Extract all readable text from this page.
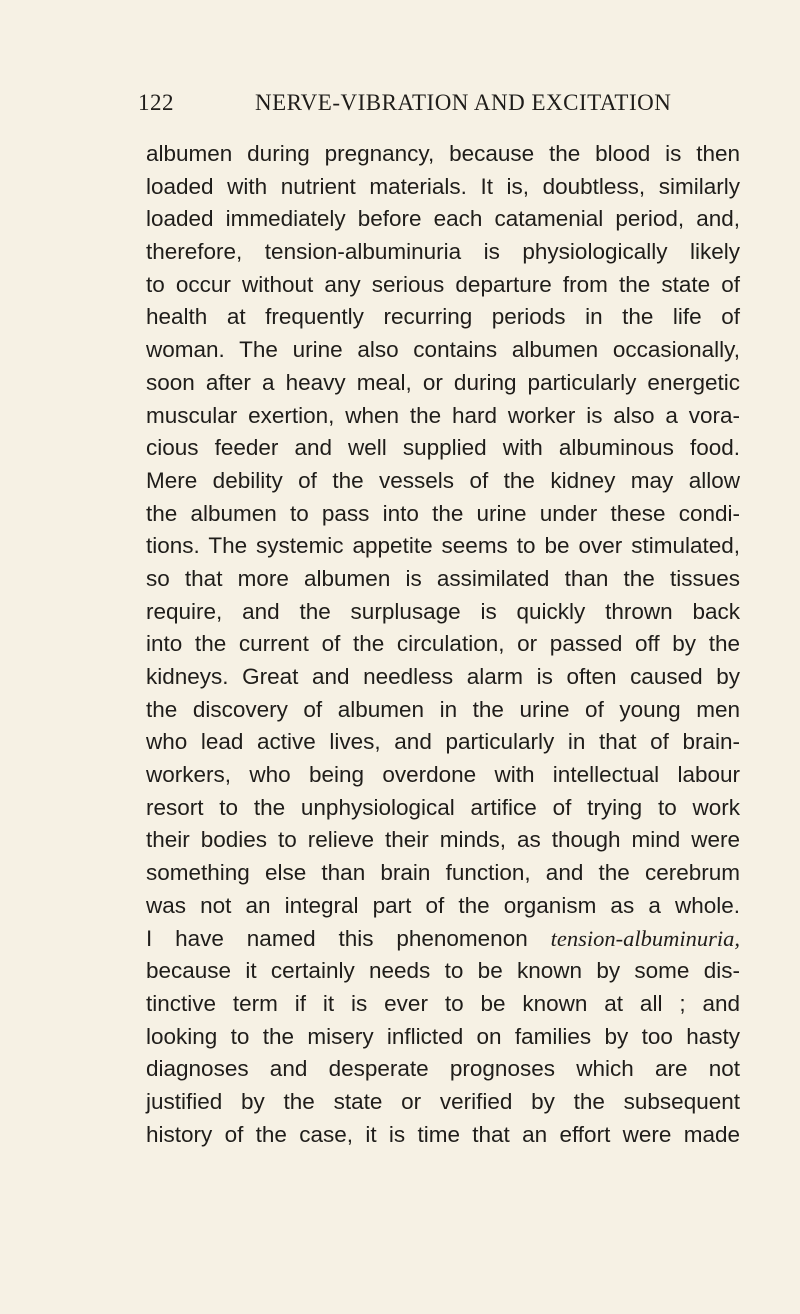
122	NERVE-VIBRATION AND EXCITATION
albumen during pregnancy, because the blood is then
loaded with nutrient materials. It is, doubtless, similarly
loaded immediately before each catamenial period, and,
therefore, tension-albuminuria is physiologically likely
to occur without any serious departure from the state of
health at frequently recurring periods in the life of
woman. The urine also contains albumen occasionally,
soon after a heavy meal, or during particularly energetic
muscular exertion, when the hard worker is also a vora-
cious feeder and well supplied with albuminous food.
Mere debility of the vessels of the kidney may allow
the albumen to pass into the urine under these condi-
tions. The systemic appetite seems to be over stimulated,
so that more albumen is assimilated than the tissues
require, and the surplusage is quickly thrown back
into the current of the circulation, or passed off by the
kidneys. Great and needless alarm is often caused by
the discovery of albumen in the urine of young men
who lead active lives, and particularly in that of brain-
workers, who being overdone with intellectual labour
resort to the unphysiological artifice of trying to work
their bodies to relieve their minds, as though mind were
something else than brain function, and the cerebrum
was not an integral part of the organism as a whole.
I have named this phenomenon tension-albuminuria,
because it certainly needs to be known by some dis-
tinctive term if it is ever to be known at all ; and
looking to the misery inflicted on families by too hasty
diagnoses and desperate prognoses which are not
justified by the state or verified by the subsequent
history of the case, it is time that an effort were made
